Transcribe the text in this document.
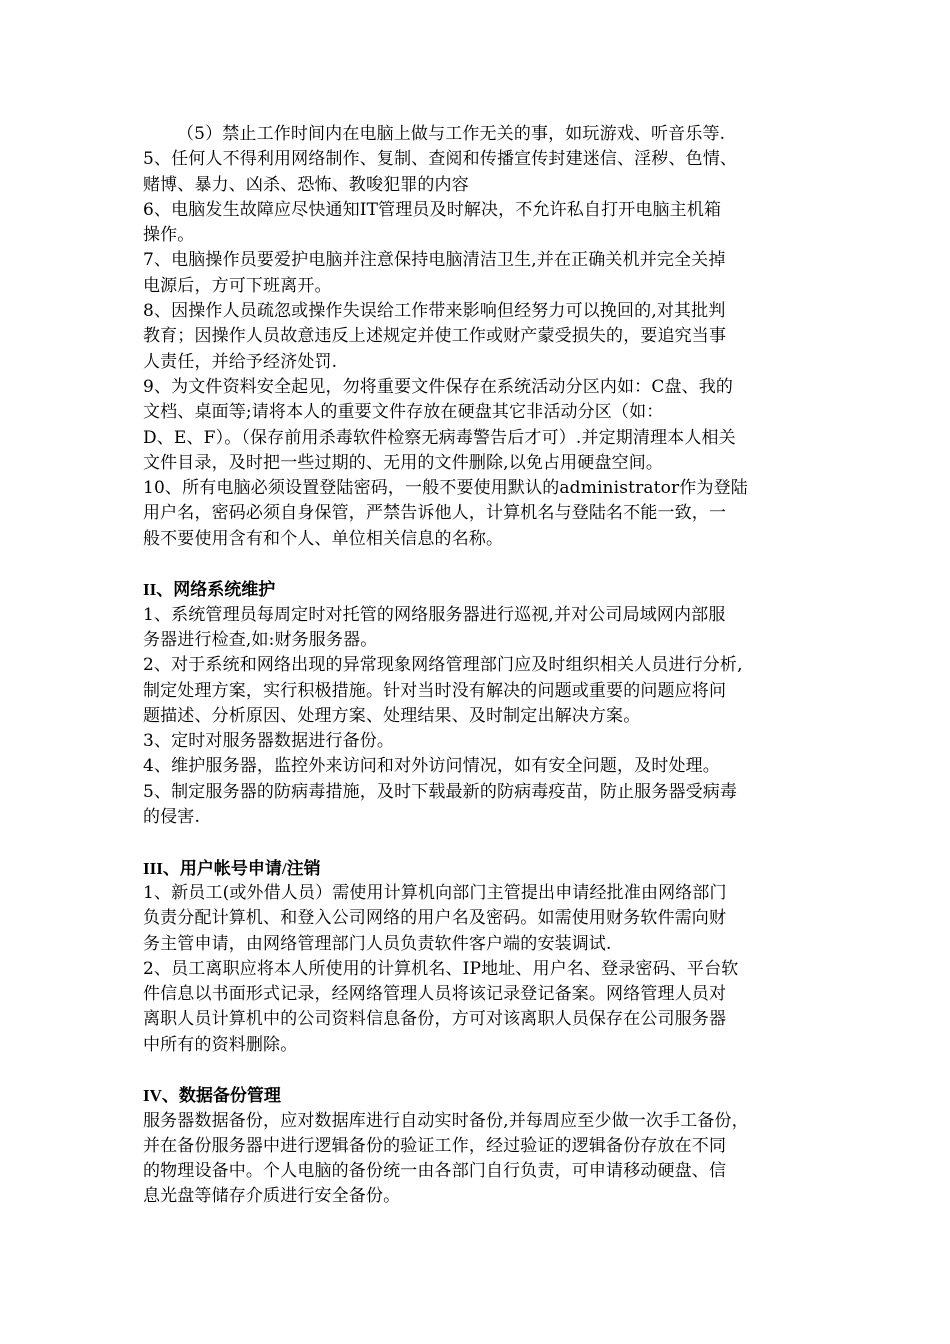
（5）禁止工作时间内在电脑上做与工作无关的事，如玩游戏、听音乐等.
5、任何人不得利用网络制作、复制、查阅和传播宣传封建迷信、淫秽、色情、
赌博、暴力、凶杀、恐怖、教唆犯罪的内容
6、电脑发生故障应尽快通知IT管理员及时解决，不允许私自打开电脑主机箱
操作。
7、电脑操作员要爱护电脑并注意保持电脑清洁卫生,并在正确关机并完全关掉
电源后，方可下班离开。
8、因操作人员疏忽或操作失误给工作带来影响但经努力可以挽回的,对其批判
教育；因操作人员故意违反上述规定并使工作或财产蒙受损失的，要追究当事
人责任，并给予经济处罚.
9、为文件资料安全起见，勿将重要文件保存在系统活动分区内如：C盘、我的
文档、桌面等;请将本人的重要文件存放在硬盘其它非活动分区（如：
D、E、F）。（保存前用杀毒软件检察无病毒警告后才可）.并定期清理本人相关
文件目录，及时把一些过期的、无用的文件删除,以免占用硬盘空间。
10、所有电脑必须设置登陆密码，一般不要使用默认的administrator作为登陆
用户名，密码必须自身保管，严禁告诉他人，计算机名与登陆名不能一致，一
般不要使用含有和个人、单位相关信息的名称。
II、网络系统维护
1、系统管理员每周定时对托管的网络服务器进行巡视,并对公司局域网内部服
务器进行检查,如:财务服务器。
2、对于系统和网络出现的异常现象网络管理部门应及时组织相关人员进行分析,
制定处理方案，实行积极措施。针对当时没有解决的问题或重要的问题应将问
题描述、分析原因、处理方案、处理结果、及时制定出解决方案。
3、定时对服务器数据进行备份。
4、维护服务器，监控外来访问和对外访问情况，如有安全问题，及时处理。
5、制定服务器的防病毒措施，及时下载最新的防病毒疫苗，防止服务器受病毒
的侵害.
III、用户帐号申请/注销
1、新员工(或外借人员）需使用计算机向部门主管提出申请经批准由网络部门
负责分配计算机、和登入公司网络的用户名及密码。如需使用财务软件需向财
务主管申请，由网络管理部门人员负责软件客户端的安装调试.
2、员工离职应将本人所使用的计算机名、IP地址、用户名、登录密码、平台软
件信息以书面形式记录，经网络管理人员将该记录登记备案。网络管理人员对
离职人员计算机中的公司资料信息备份，方可对该离职人员保存在公司服务器
中所有的资料删除。
IV、数据备份管理
服务器数据备份，应对数据库进行自动实时备份,并每周应至少做一次手工备份，
并在备份服务器中进行逻辑备份的验证工作，经过验证的逻辑备份存放在不同
的物理设备中。个人电脑的备份统一由各部门自行负责，可申请移动硬盘、信
息光盘等储存介质进行安全备份。
